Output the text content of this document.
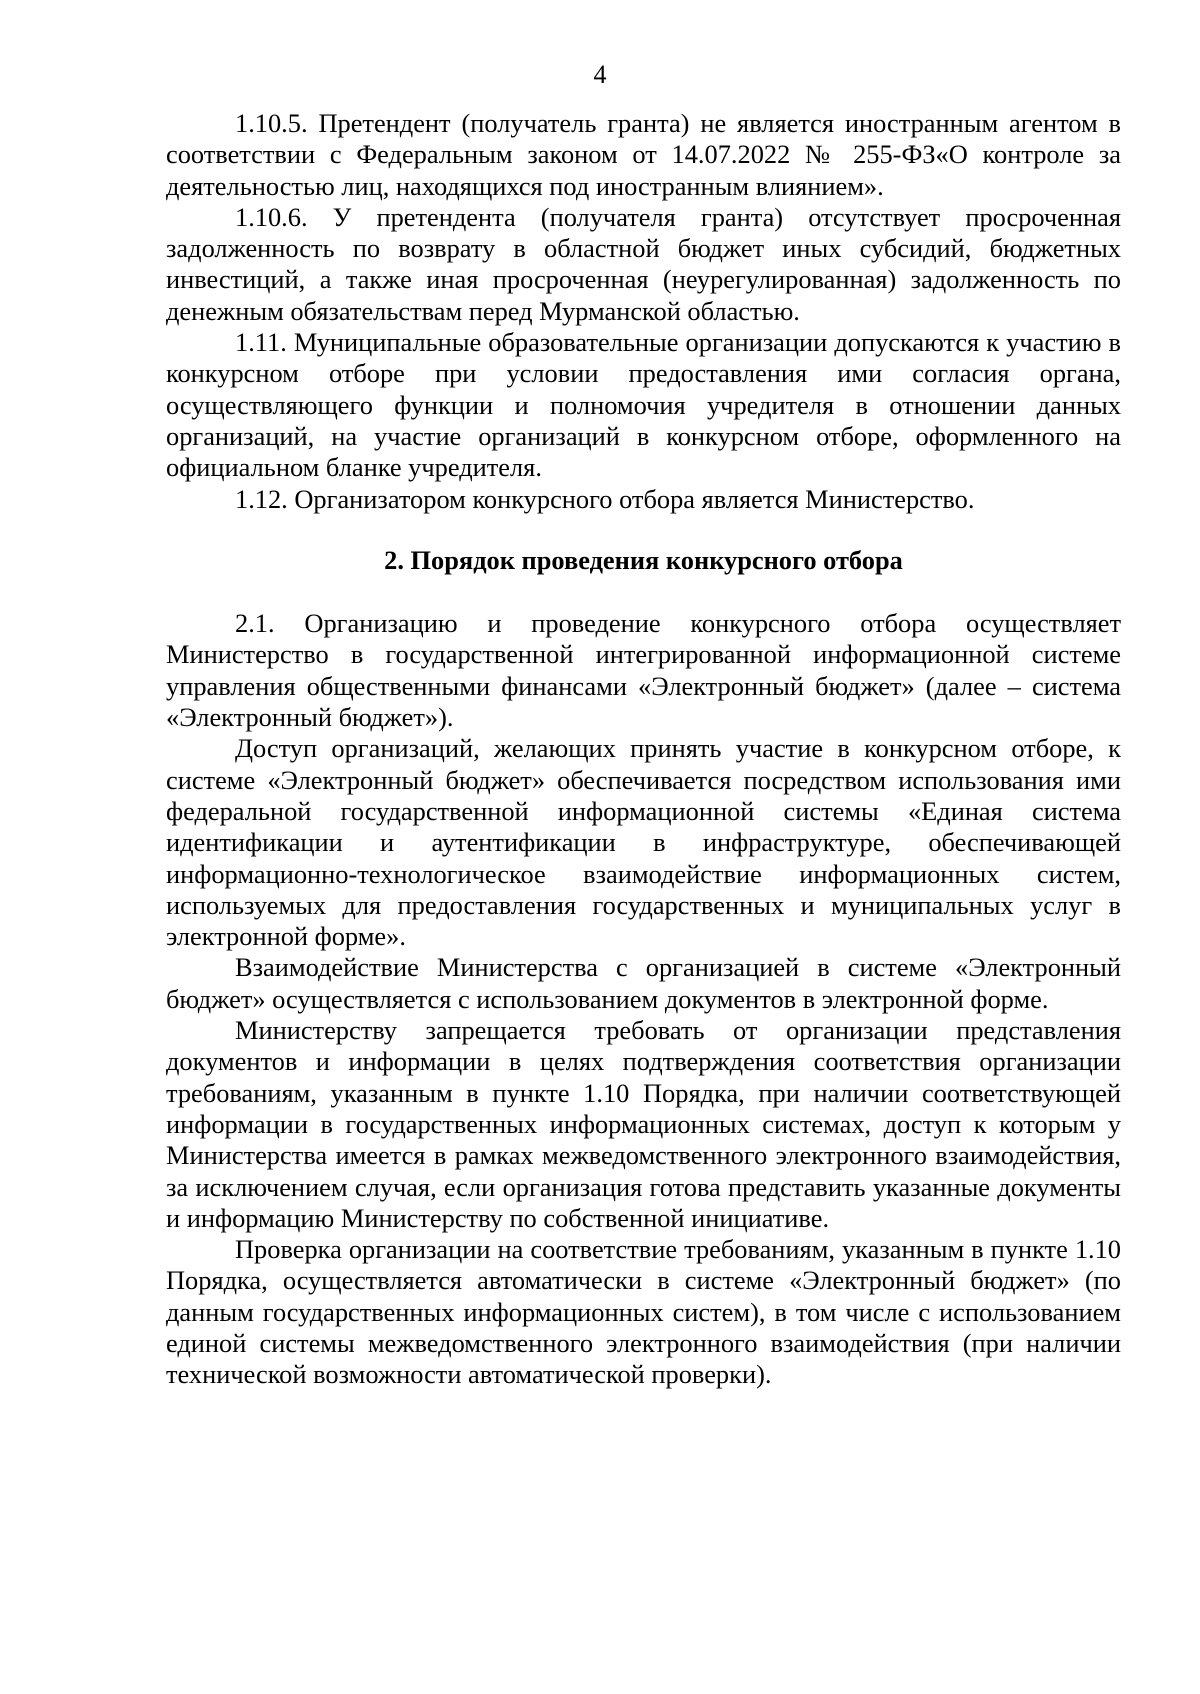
4

1.10.5. Претендент (получатель гранта) не является иностранным агентом в соответствии с Федеральным законом от 14.07.2022 № 255-ФЗ«О контроле за деятельностью лиц, находящихся под иностранным влиянием».

1.10.6. У претендента (получателя гранта) отсутствует просроченная задолженность по возврату в областной бюджет иных субсидий, бюджетных инвестиций, а также иная просроченная (неурегулированная) задолженность по денежным обязательствам перед Мурманской областью.

1.11. Муниципальные образовательные организации допускаются к участию в конкурсном отборе при условии предоставления ими согласия органа, осуществляющего функции и полномочия учредителя в отношении данных организаций, на участие организаций в конкурсном отборе, оформленного на официальном бланке учредителя.

1.12. Организатором конкурсного отбора является Министерство.

2. Порядок проведения конкурсного отбора

2.1. Организацию и проведение конкурсного отбора осуществляет Министерство в государственной интегрированной информационной системе управления общественными финансами «Электронный бюджет» (далее – система «Электронный бюджет»).

Доступ организаций, желающих принять участие в конкурсном отборе, к системе «Электронный бюджет» обеспечивается посредством использования ими федеральной государственной информационной системы «Единая система идентификации и аутентификации в инфраструктуре, обеспечивающей информационно-технологическое взаимодействие информационных систем, используемых для предоставления государственных и муниципальных услуг в электронной форме».

Взаимодействие Министерства с организацией в системе «Электронный бюджет» осуществляется с использованием документов в электронной форме.

Министерству запрещается требовать от организации представления документов и информации в целях подтверждения соответствия организации требованиям, указанным в пункте 1.10 Порядка, при наличии соответствующей информации в государственных информационных системах, доступ к которым у Министерства имеется в рамках межведомственного электронного взаимодействия, за исключением случая, если организация готова представить указанные документы и информацию Министерству по собственной инициативе.

Проверка организации на соответствие требованиям, указанным в пункте 1.10 Порядка, осуществляется автоматически в системе «Электронный бюджет» (по данным государственных информационных систем), в том числе с использованием единой системы межведомственного электронного взаимодействия (при наличии технической возможности автоматической проверки).
